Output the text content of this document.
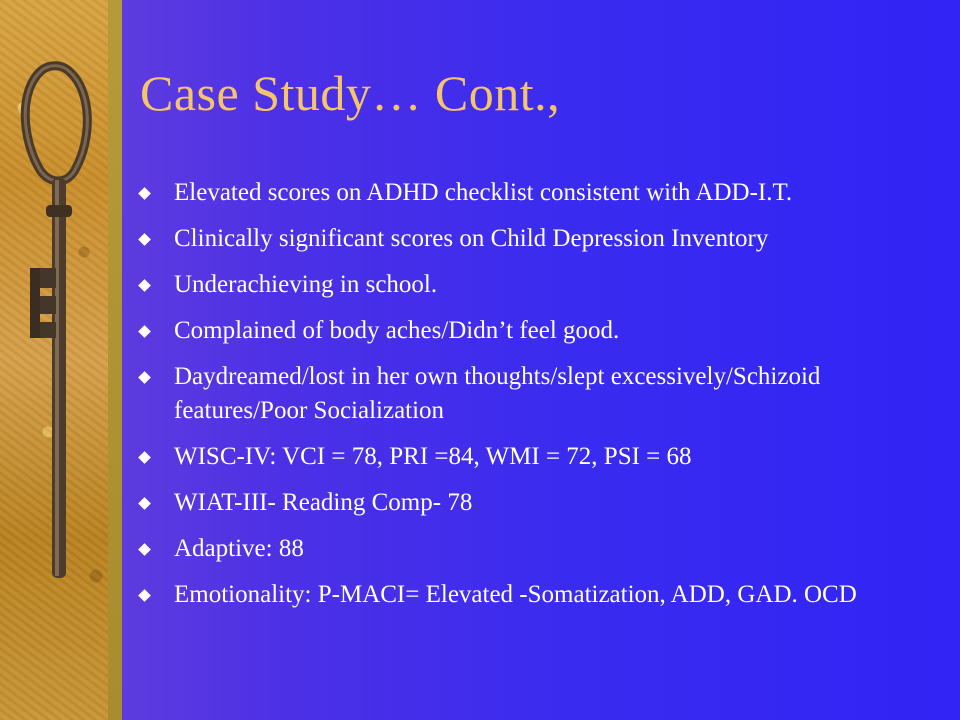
Case Study… Cont.,
Elevated scores on ADHD checklist consistent with ADD-I.T.
Clinically significant scores on Child Depression Inventory
Underachieving in school.
Complained of body aches/Didn’t feel good.
Daydreamed/lost in her own thoughts/slept excessively/Schizoid features/Poor Socialization
WISC-IV: VCI = 78, PRI =84, WMI = 72, PSI = 68
WIAT-III- Reading Comp- 78
Adaptive: 88
Emotionality: P-MACI= Elevated -Somatization, ADD, GAD. OCD
